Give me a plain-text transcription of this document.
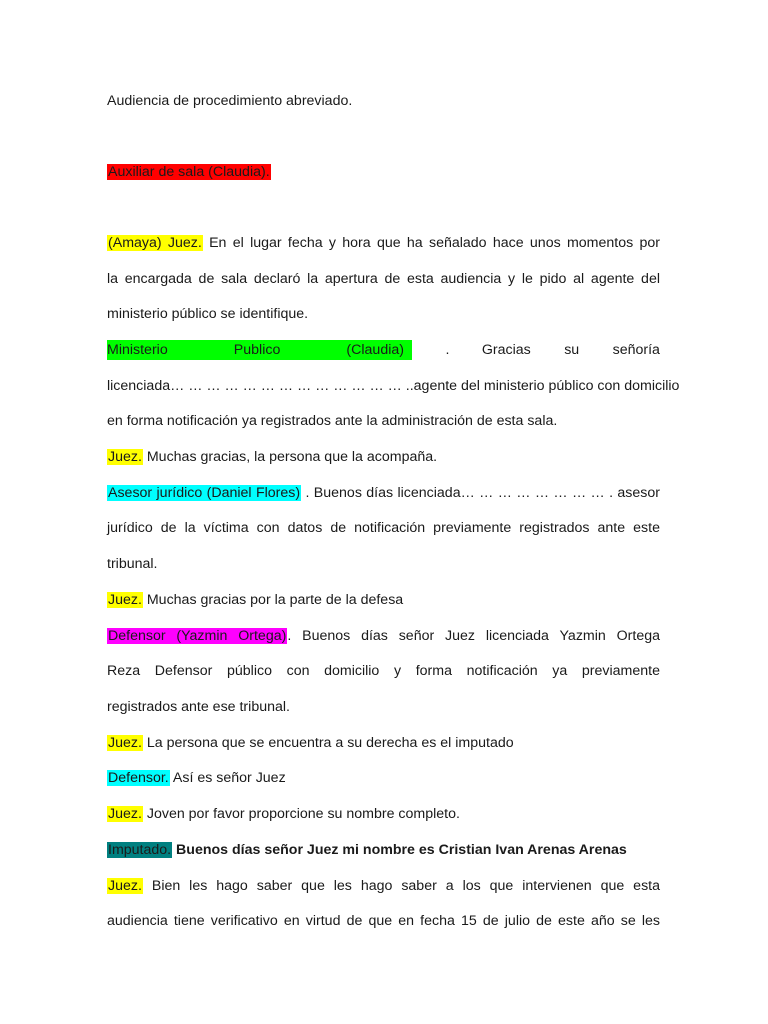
Audiencia de procedimiento abreviado.
Auxiliar de sala (Claudia).
(Amaya) Juez. En el lugar fecha y hora que ha señalado hace unos momentos por
la encargada de sala declaró la apertura de esta audiencia y le pido al agente del
ministerio público se identifique.
Ministerio	Publico	(Claudia)	. Gracias su señoría
licenciada… … … … … … … … … … … … … ..agente del ministerio público con domicilio
en forma notificación ya registrados ante la administración de esta sala.
Juez. Muchas gracias, la persona que la acompaña.
Asesor jurídico (Daniel Flores) . Buenos días licenciada… … … … … … … … . asesor
jurídico de la víctima con datos de notificación previamente registrados ante este
tribunal.
Juez. Muchas gracias por la parte de la defesa
Defensor (Yazmin Ortega). Buenos días señor Juez licenciada Yazmin Ortega
Reza Defensor público con domicilio y forma notificación ya previamente
registrados ante ese tribunal.
Juez. La persona que se encuentra a su derecha es el imputado
Defensor. Así es señor Juez
Juez. Joven por favor proporcione su nombre completo.
Imputado. Buenos días señor Juez mi nombre es Cristian Ivan Arenas Arenas
Juez. Bien les hago saber que les hago saber a los que intervienen que esta
audiencia tiene verificativo en virtud de que en fecha 15 de julio de este año se les
